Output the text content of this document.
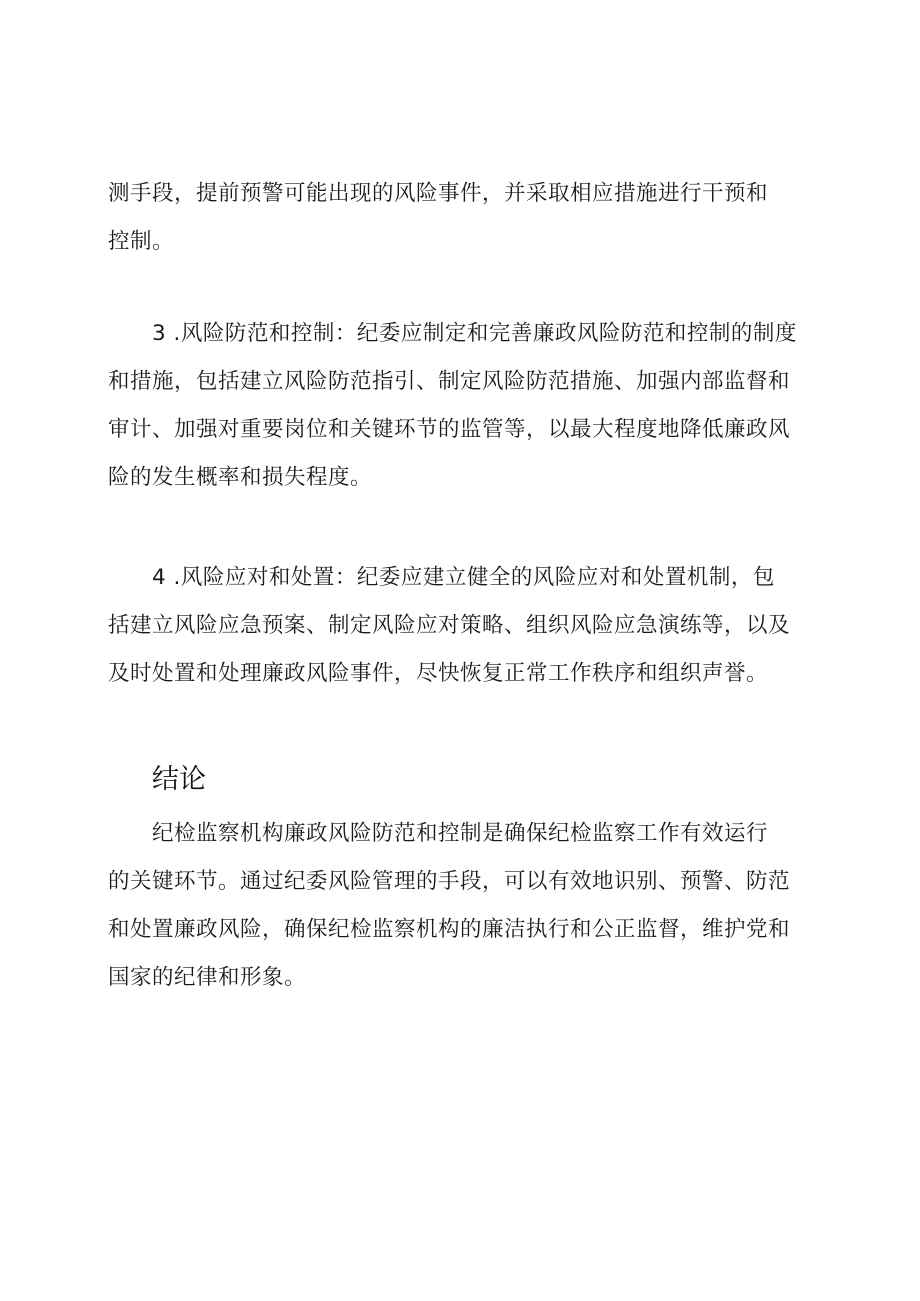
测手段，提前预警可能出现的风险事件，并采取相应措施进行干预和
控制。
3 .风险防范和控制：纪委应制定和完善廉政风险防范和控制的制度
和措施，包括建立风险防范指引、制定风险防范措施、加强内部监督和
审计、加强对重要岗位和关键环节的监管等，以最大程度地降低廉政风
险的发生概率和损失程度。
4 .风险应对和处置：纪委应建立健全的风险应对和处置机制，包
括建立风险应急预案、制定风险应对策略、组织风险应急演练等，以及
及时处置和处理廉政风险事件，尽快恢复正常工作秩序和组织声誉。
结论
纪检监察机构廉政风险防范和控制是确保纪检监察工作有效运行
的关键环节。通过纪委风险管理的手段，可以有效地识别、预警、防范
和处置廉政风险，确保纪检监察机构的廉洁执行和公正监督，维护党和
国家的纪律和形象。
